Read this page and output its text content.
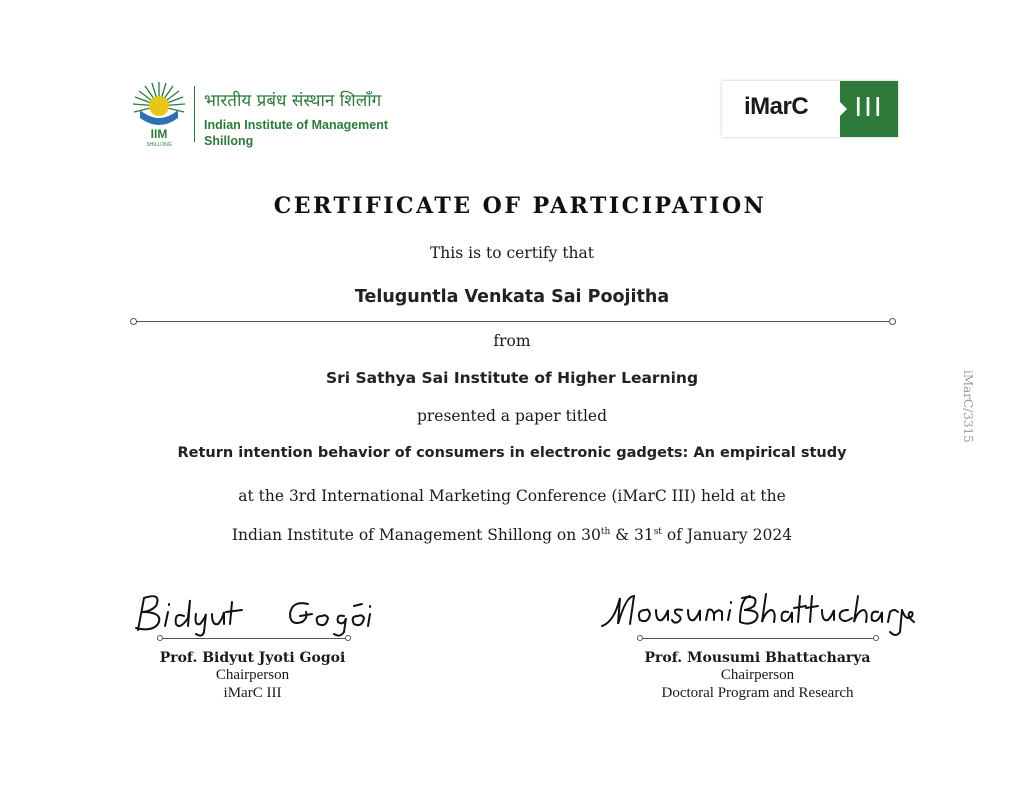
IIM
SHILLONG
भारतीय प्रबंध संस्थान शिलाँग
Indian Institute of Management
Shillong
iMarC	III
CERTIFICATE OF PARTICIPATION
This is to certify that
Teluguntla Venkata Sai Poojitha
from
Sri Sathya Sai Institute of Higher Learning
presented a paper titled
Return intention behavior of consumers in electronic gadgets: An empirical study
at the 3rd International Marketing Conference (iMarC III) held at the
Indian Institute of Management Shillong on 30th & 31st of January 2024
iMarC/3315
Prof. Bidyut Jyoti Gogoi
Chairperson
iMarC III
Prof. Mousumi Bhattacharya
Chairperson
Doctoral Program and Research
